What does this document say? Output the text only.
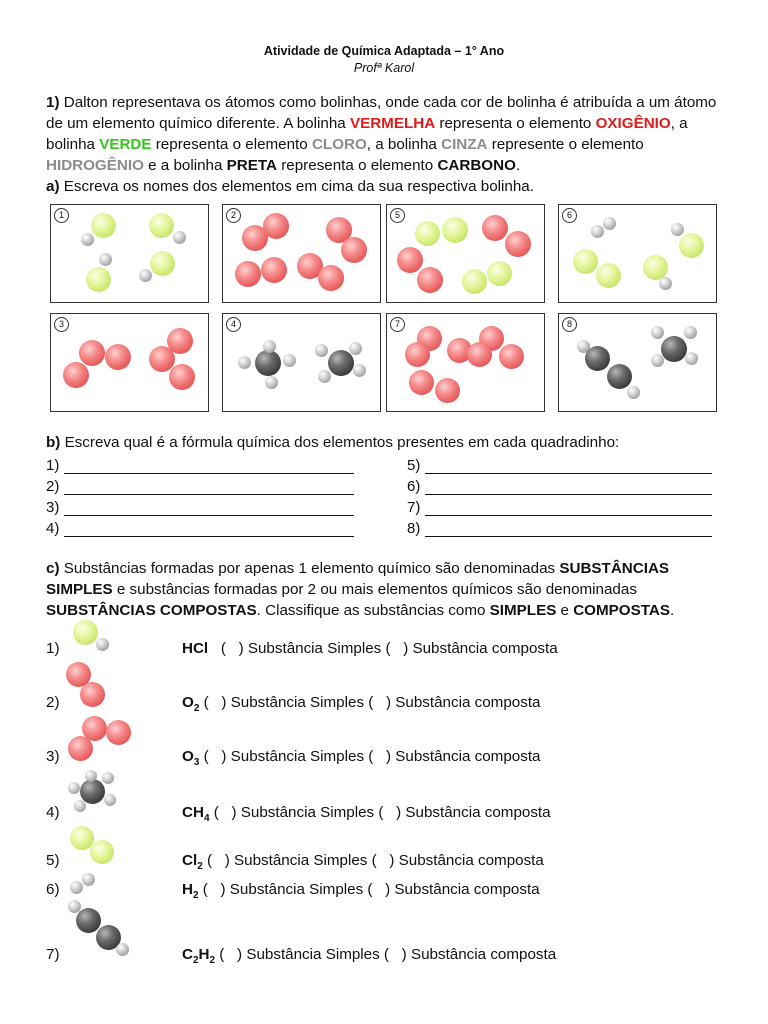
Atividade de Química Adaptada – 1° Ano
Profª Karol
1) Dalton representava os átomos como bolinhas, onde cada cor de bolinha é atribuída a um átomo de um elemento químico diferente. A bolinha VERMELHA representa o elemento OXIGÊNIO, a bolinha VERDE representa o elemento CLORO, a bolinha CINZA represente o elemento HIDROGÊNIO e a bolinha PRETA representa o elemento CARBONO.
a) Escreva os nomes dos elementos em cima da sua respectiva bolinha.
1	2	5	6
3	4	7	8
b) Escreva qual é a fórmula química dos elementos presentes em cada quadradinho:
1)
2)
3)
4)
5)
6)
7)
8)
c) Substâncias formadas por apenas 1 elemento químico são denominadas SUBSTÂNCIAS SIMPLES e substâncias formadas por 2 ou mais elementos químicos são denominadas SUBSTÂNCIAS COMPOSTAS. Classifique as substâncias como SIMPLES e COMPOSTAS.
1)	HCl ( ) Substância Simples ( ) Substância composta
2)	$O_2$ ( ) Substância Simples ( ) Substância composta
3)	$O_3$ ( ) Substância Simples ( ) Substância composta
4)	$CH_4$ ( ) Substância Simples ( ) Substância composta
5)	$Cl_2$ ( ) Substância Simples ( ) Substância composta
6)	$H_2$ ( ) Substância Simples ( ) Substância composta
7)	$C_2H_2$ ( ) Substância Simples ( ) Substância composta
